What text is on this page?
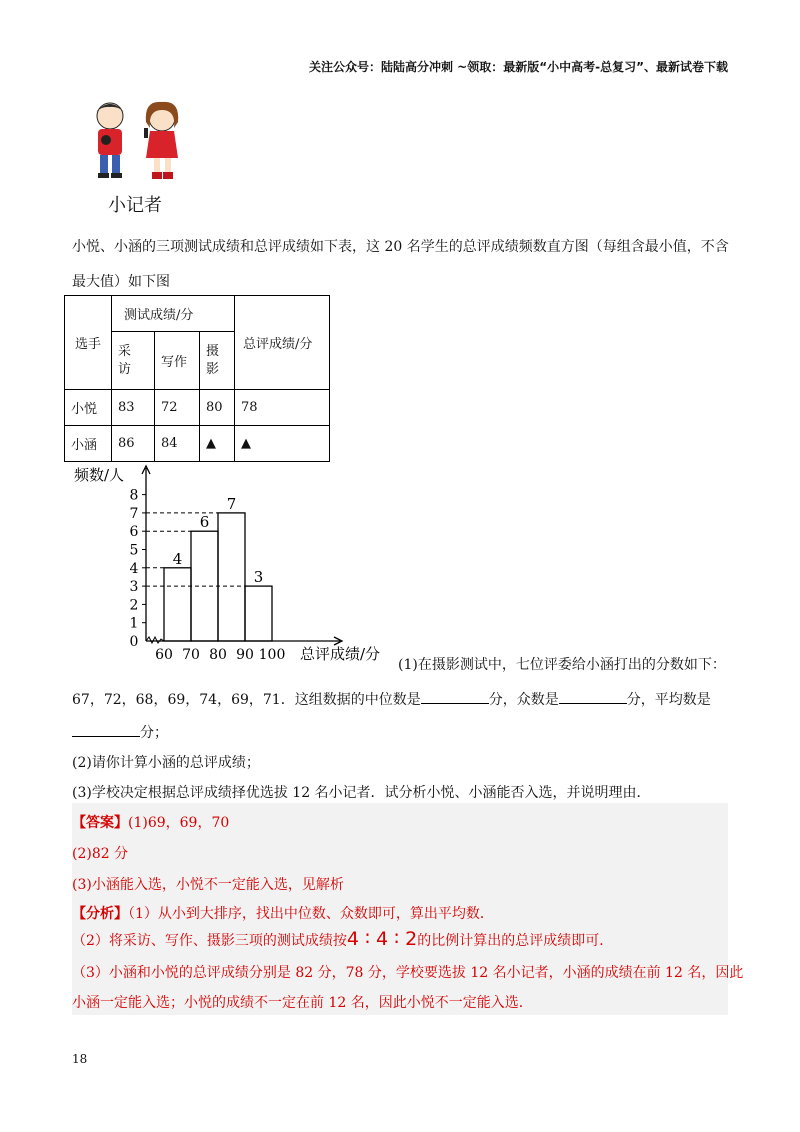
关注公众号：陆陆高分冲刺 ~领取：最新版“小中高考-总复习”、最新试卷下载
小记者
小悦、小涵的三项测试成绩和总评成绩如下表，这 20 名学生的总评成绩频数直方图（每组含最小值，不含
最大值）如下图
选手	测试成绩/分			总评成绩/分
	采
访	写作	摄
影	
小悦	83	72	80	78
小涵	86	84	▲	▲
0
1
2
3
4
5
6
7
8
4
6
7
3
60 70 80 90 100
频数/人
总评成绩/分
(1)在摄影测试中，七位评委给小涵打出的分数如下：
67，72，68，69，74，69，71．这组数据的中位数是	分，众数是	分，平均数是
分；
(2)请你计算小涵的总评成绩；
(3)学校决定根据总评成绩择优选拔 12 名小记者．试分析小悦、小涵能否入选，并说明理由．
【答案】(1)69，69，70
(2)82 分
(3)小涵能入选，小悦不一定能入选，见解析
【分析】（1）从小到大排序，找出中位数、众数即可，算出平均数．
（2）将采访、写作、摄影三项的测试成绩按4 ∶ 4 ∶ 2的比例计算出的总评成绩即可．
（3）小涵和小悦的总评成绩分别是 82 分，78 分，学校要选拔 12 名小记者，小涵的成绩在前 12 名，因此
小涵一定能入选；小悦的成绩不一定在前 12 名，因此小悦不一定能入选．
18
